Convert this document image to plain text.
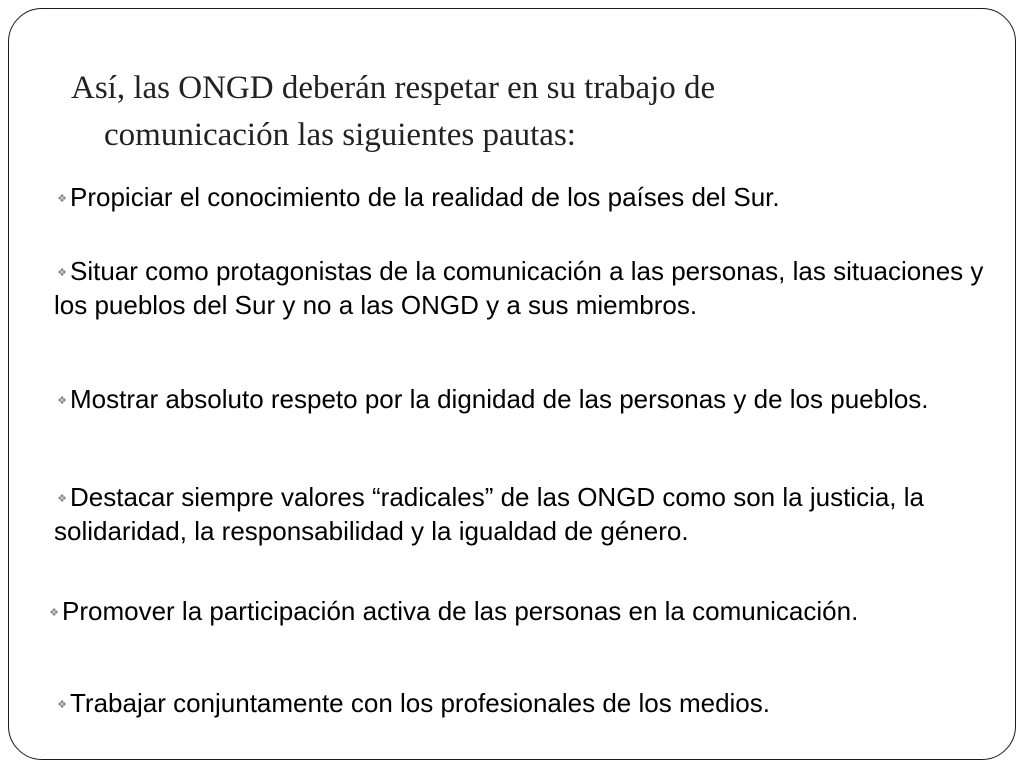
Así, las ONGD deberán respetar en su trabajo de
comunicación las siguientes pautas:

❖ Propiciar el conocimiento de la realidad de los países del Sur.

❖ Situar como protagonistas de la comunicación a las personas, las situaciones y los pueblos del Sur y no a las ONGD y a sus miembros.

❖ Mostrar absoluto respeto por la dignidad de las personas y de los pueblos.

❖ Destacar siempre valores “radicales” de las ONGD como son la justicia, la solidaridad, la responsabilidad y la igualdad de género.

❖ Promover la participación activa de las personas en la comunicación.

❖ Trabajar conjuntamente con los profesionales de los medios.
